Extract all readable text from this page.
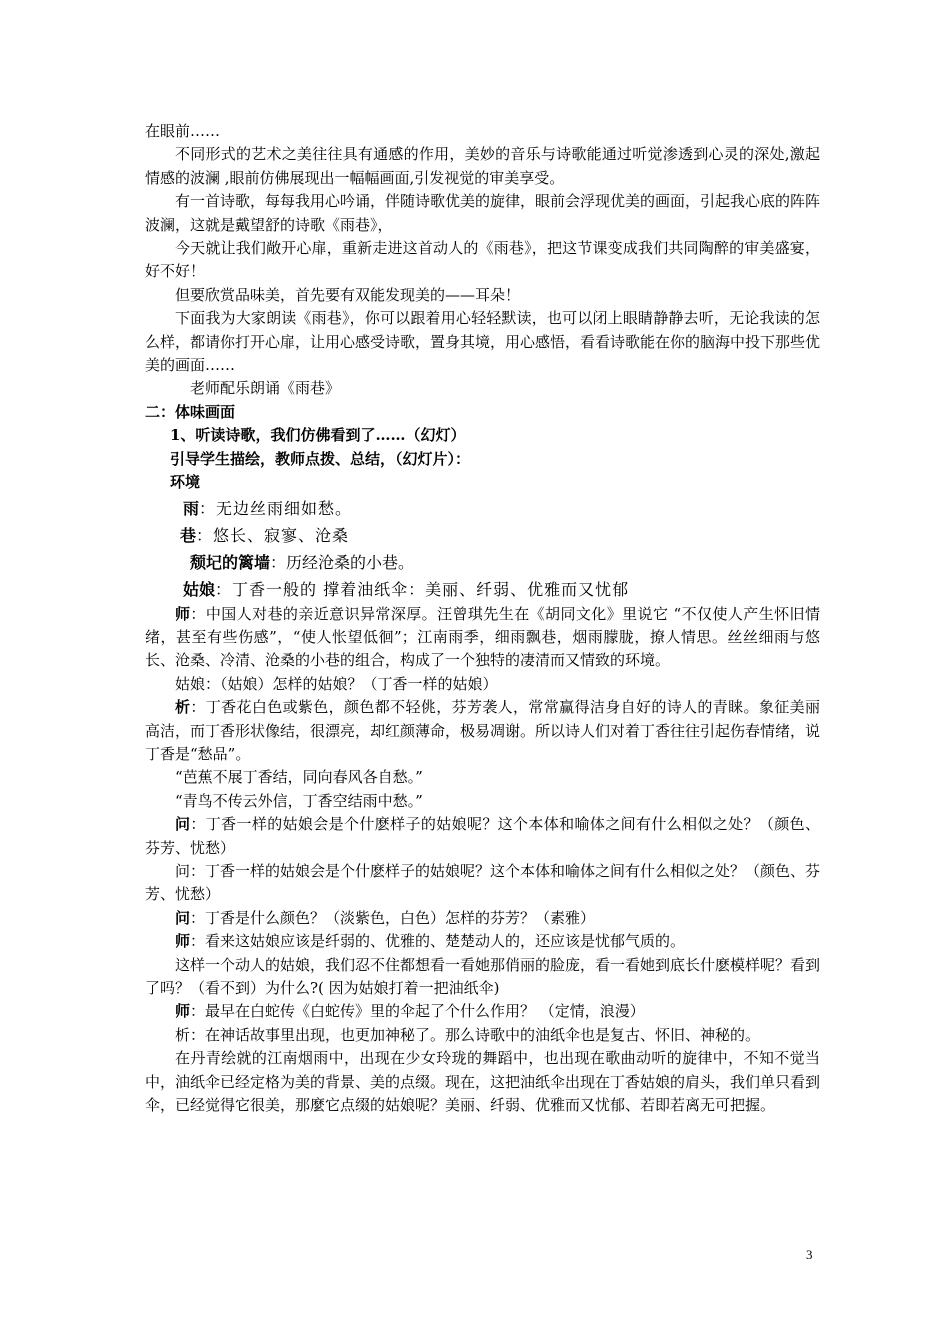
在眼前……

不同形式的艺术之美往往具有通感的作用，美妙的音乐与诗歌能通过听觉渗透到心灵的深处,激起情感的波澜 ,眼前仿佛展现出一幅幅画面,引发视觉的审美享受。

有一首诗歌，每每我用心吟诵，伴随诗歌优美的旋律，眼前会浮现优美的画面，引起我心底的阵阵波澜，这就是戴望舒的诗歌《雨巷》，

今天就让我们敞开心扉，重新走进这首动人的《雨巷》，把这节课变成我们共同陶醉的审美盛宴，好不好！

但要欣赏品味美，首先要有双能发现美的——耳朵！

下面我为大家朗读《雨巷》，你可以跟着用心轻轻默读，也可以闭上眼睛静静去听，无论我读的怎么样，都请你打开心扉，让用心感受诗歌，置身其境，用心感悟，看看诗歌能在你的脑海中投下那些优美的画面……

老师配乐朗诵《雨巷》

二：体味画面

1、听读诗歌，我们仿佛看到了……（幻灯）

引导学生描绘，教师点拨、总结，（幻灯片）：

环境

雨：无边丝雨细如愁。

巷：悠长、寂寥、沧桑

颓圮的篱墙：历经沧桑的小巷。

姑娘：丁香一般的 撑着油纸伞：美丽、纤弱、优雅而又忧郁

师：中国人对巷的亲近意识异常深厚。汪曾琪先生在《胡同文化》里说它 “不仅使人产生怀旧情绪，甚至有些伤感”，“使人怅望低徊”；江南雨季，细雨飘巷，烟雨朦胧，撩人情思。丝丝细雨与悠长、沧桑、冷清、沧桑的小巷的组合，构成了一个独特的凄清而又情致的环境。

姑娘：（姑娘）怎样的姑娘？（丁香一样的姑娘）

析：丁香花白色或紫色，颜色都不轻佻，芬芳袭人，常常赢得洁身自好的诗人的青睐。象征美丽高洁，而丁香形状像结，很漂亮，却红颜薄命，极易凋谢。所以诗人们对着丁香往往引起伤春情绪，说丁香是“愁品”。

“芭蕉不展丁香结，同向春风各自愁。”

“青鸟不传云外信，丁香空结雨中愁。”

问：丁香一样的姑娘会是个什麽样子的姑娘呢？这个本体和喻体之间有什么相似之处？（颜色、芬芳、忧愁）

问：丁香一样的姑娘会是个什麽样子的姑娘呢？这个本体和喻体之间有什么相似之处？（颜色、芬芳、忧愁）

问：丁香是什么颜色？（淡紫色，白色）怎样的芬芳？（素雅）

师：看来这姑娘应该是纤弱的、优雅的、楚楚动人的，还应该是忧郁气质的。

这样一个动人的姑娘，我们忍不住都想看一看她那俏丽的脸庞，看一看她到底长什麽模样呢？看到了吗？（看不到）为什么?( 因为姑娘打着一把油纸伞)

师：最早在白蛇传《白蛇传》里的伞起了个什么作用？ （定情，浪漫）

析：在神话故事里出现，也更加神秘了。那么诗歌中的油纸伞也是复古、怀旧、神秘的。

在丹青绘就的江南烟雨中，出现在少女玲珑的舞蹈中，也出现在歌曲动听的旋律中，不知不觉当中，油纸伞已经定格为美的背景、美的点缀。现在，这把油纸伞出现在丁香姑娘的肩头，我们单只看到伞，已经觉得它很美，那麼它点缀的姑娘呢？美丽、纤弱、优雅而又忧郁、若即若离无可把握。

3
